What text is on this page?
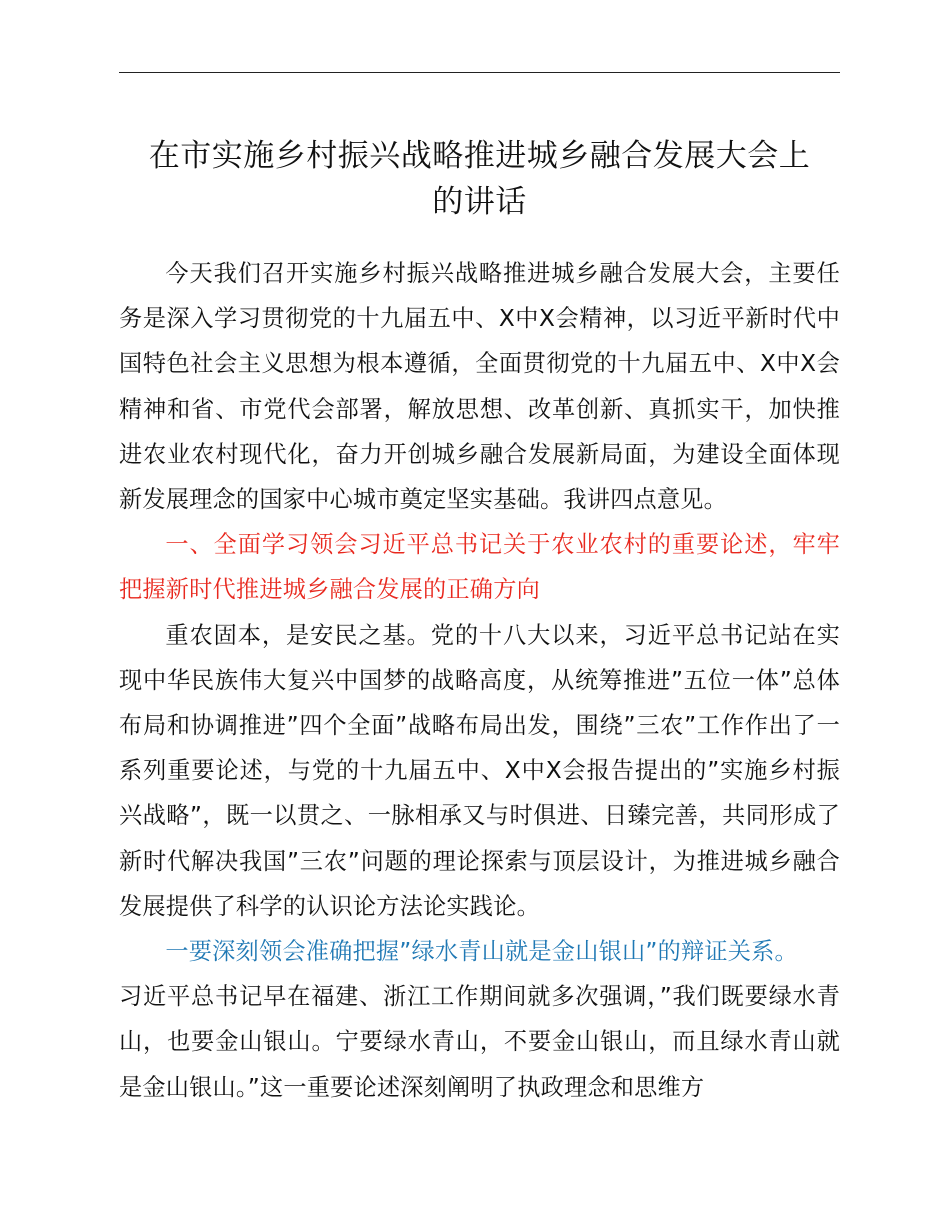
在市实施乡村振兴战略推进城乡融合发展大会上
的讲话

今天我们召开实施乡村振兴战略推进城乡融合发展大会，主要任务是深入学习贯彻党的十九届五中、X中X会精神，以习近平新时代中国特色社会主义思想为根本遵循，全面贯彻党的十九届五中、X中X会精神和省、市党代会部署，解放思想、改革创新、真抓实干，加快推进农业农村现代化，奋力开创城乡融合发展新局面，为建设全面体现新发展理念的国家中心城市奠定坚实基础。我讲四点意见。

一、全面学习领会习近平总书记关于农业农村的重要论述，牢牢把握新时代推进城乡融合发展的正确方向

重农固本，是安民之基。党的十八大以来，习近平总书记站在实现中华民族伟大复兴中国梦的战略高度，从统筹推进”五位一体”总体布局和协调推进”四个全面”战略布局出发，围绕”三农”工作作出了一系列重要论述，与党的十九届五中、X中X会报告提出的”实施乡村振兴战略”，既一以贯之、一脉相承又与时俱进、日臻完善，共同形成了新时代解决我国”三农”问题的理论探索与顶层设计，为推进城乡融合发展提供了科学的认识论方法论实践论。

一要深刻领会准确把握”绿水青山就是金山银山”的辩证关系。

习近平总书记早在福建、浙江工作期间就多次强调，”我们既要绿水青山，也要金山银山。宁要绿水青山，不要金山银山，而且绿水青山就是金山银山。”这一重要论述深刻阐明了执政理念和思维方
